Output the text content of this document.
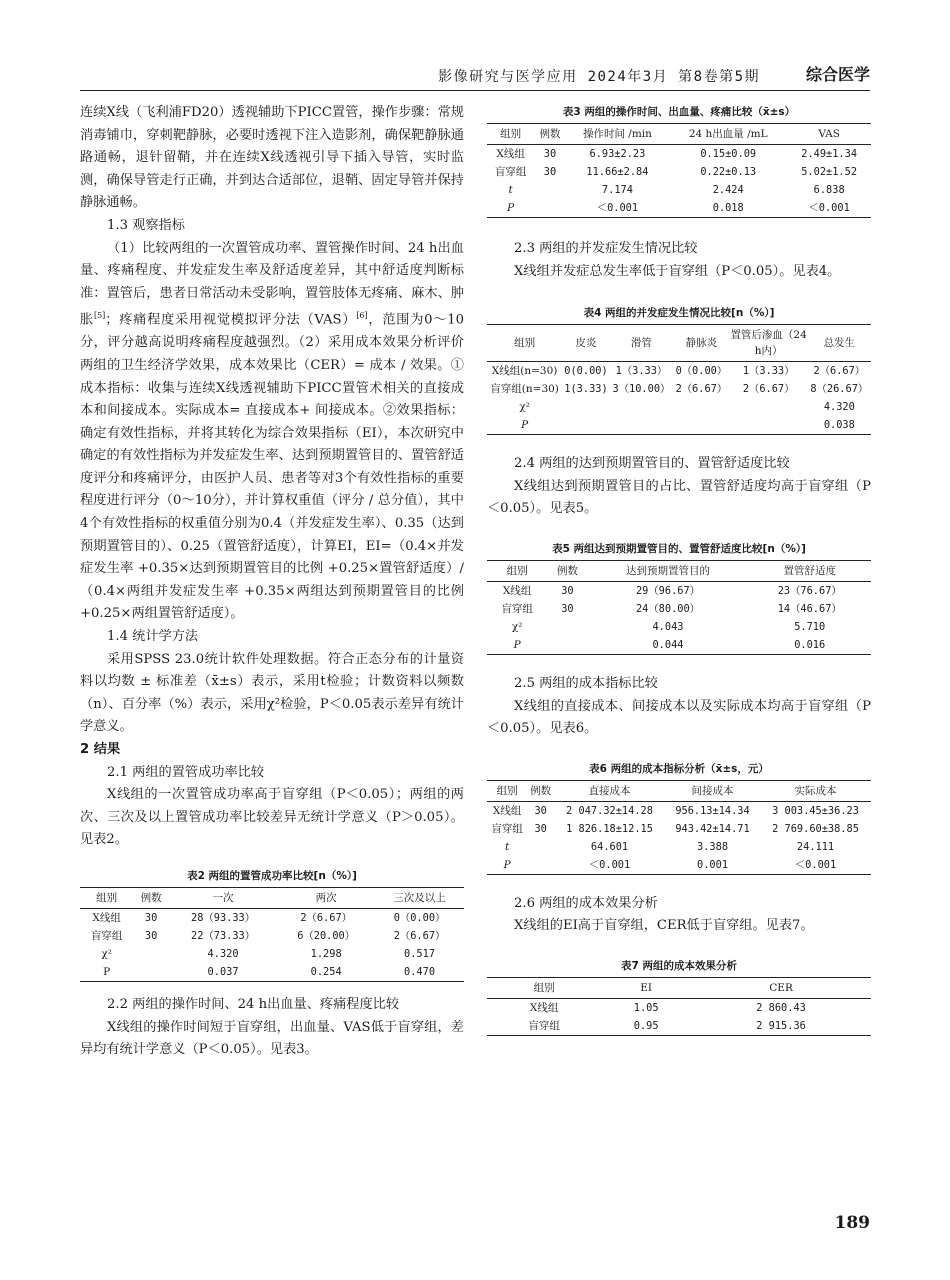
影像研究与医学应用 2024年3月 第8卷第5期	综合医学

连续X线（飞利浦FD20）透视辅助下PICC置管，操作步骤：常规消毒铺巾，穿刺靶静脉，必要时透视下注入造影剂，确保靶静脉通路通畅，退针留鞘，并在连续X线透视引导下插入导管，实时监测，确保导管走行正确，并到达合适部位，退鞘、固定导管并保持静脉通畅。

1.3 观察指标

（1）比较两组的一次置管成功率、置管操作时间、24 h出血量、疼痛程度、并发症发生率及舒适度差异，其中舒适度判断标准：置管后，患者日常活动未受影响，置管肢体无疼痛、麻木、肿胀[5]；疼痛程度采用视觉模拟评分法（VAS）[6]，范围为0～10分，评分越高说明疼痛程度越强烈。（2）采用成本效果分析评价两组的卫生经济学效果，成本效果比（CER）= 成本 / 效果。①成本指标：收集与连续X线透视辅助下PICC置管术相关的直接成本和间接成本。实际成本= 直接成本+ 间接成本。②效果指标：确定有效性指标，并将其转化为综合效果指标（EI），本次研究中确定的有效性指标为并发症发生率、达到预期置管目的、置管舒适度评分和疼痛评分，由医护人员、患者等对3个有效性指标的重要程度进行评分（0～10分），并计算权重值（评分 / 总分值），其中4个有效性指标的权重值分别为0.4（并发症发生率）、0.35（达到预期置管目的）、0.25（置管舒适度），计算EI，EI=（0.4×并发症发生率 +0.35×达到预期置管目的比例 +0.25×置管舒适度）/（0.4×两组并发症发生率 +0.35×两组达到预期置管目的比例 +0.25×两组置管舒适度）。

1.4 统计学方法

采用SPSS 23.0统计软件处理数据。符合正态分布的计量资料以均数 ± 标准差（x̄±s）表示，采用t检验；计数资料以频数（n）、百分率（%）表示，采用χ²检验，P＜0.05表示差异有统计学意义。

2 结果

2.1 两组的置管成功率比较

X线组的一次置管成功率高于盲穿组（P＜0.05）；两组的两次、三次及以上置管成功率比较差异无统计学意义（P＞0.05）。见表2。

表2 两组的置管成功率比较[n（%）]
组别	例数	一次	两次	三次及以上
X线组	30	28（93.33）	2（6.67）	0（0.00）
盲穿组	30	22（73.33）	6（20.00）	2（6.67）
χ²		4.320	1.298	0.517
P		0.037	0.254	0.470

2.2 两组的操作时间、24 h出血量、疼痛程度比较

X线组的操作时间短于盲穿组，出血量、VAS低于盲穿组，差异均有统计学意义（P＜0.05）。见表3。

表3 两组的操作时间、出血量、疼痛比较（x̄±s）
组别	例数	操作时间 /min	24 h出血量 /mL	VAS
X线组	30	6.93±2.23	0.15±0.09	2.49±1.34
盲穿组	30	11.66±2.84	0.22±0.13	5.02±1.52
t		7.174	2.424	6.838
P		＜0.001	0.018	＜0.001

2.3 两组的并发症发生情况比较

X线组并发症总发生率低于盲穿组（P＜0.05）。见表4。

表4 两组的并发症发生情况比较[n（%）]
组别	皮炎	滑管	静脉炎	置管后渗血（24 h内）	总发生
X线组(n=30)	0(0.00)	1（3.33）	0（0.00）	1（3.33）	2（6.67）
盲穿组(n=30)	1(3.33)	3（10.00）	2（6.67）	2（6.67）	8（26.67）
χ²					4.320
P					0.038

2.4 两组的达到预期置管目的、置管舒适度比较

X线组达到预期置管目的占比、置管舒适度均高于盲穿组（P＜0.05）。见表5。

表5 两组达到预期置管目的、置管舒适度比较[n（%）]
组别	例数	达到预期置管目的	置管舒适度
X线组	30	29（96.67）	23（76.67）
盲穿组	30	24（80.00）	14（46.67）
χ²		4.043	5.710
P		0.044	0.016

2.5 两组的成本指标比较

X线组的直接成本、间接成本以及实际成本均高于盲穿组（P＜0.05）。见表6。

表6 两组的成本指标分析（x̄±s，元）
组别	例数	直接成本	间接成本	实际成本
X线组	30	2 047.32±14.28	956.13±14.34	3 003.45±36.23
盲穿组	30	1 826.18±12.15	943.42±14.71	2 769.60±38.85
t		64.601	3.388	24.111
P		＜0.001	0.001	＜0.001

2.6 两组的成本效果分析

X线组的EI高于盲穿组，CER低于盲穿组。见表7。

表7 两组的成本效果分析
组别	EI	CER
X线组	1.05	2 860.43
盲穿组	0.95	2 915.36
189
